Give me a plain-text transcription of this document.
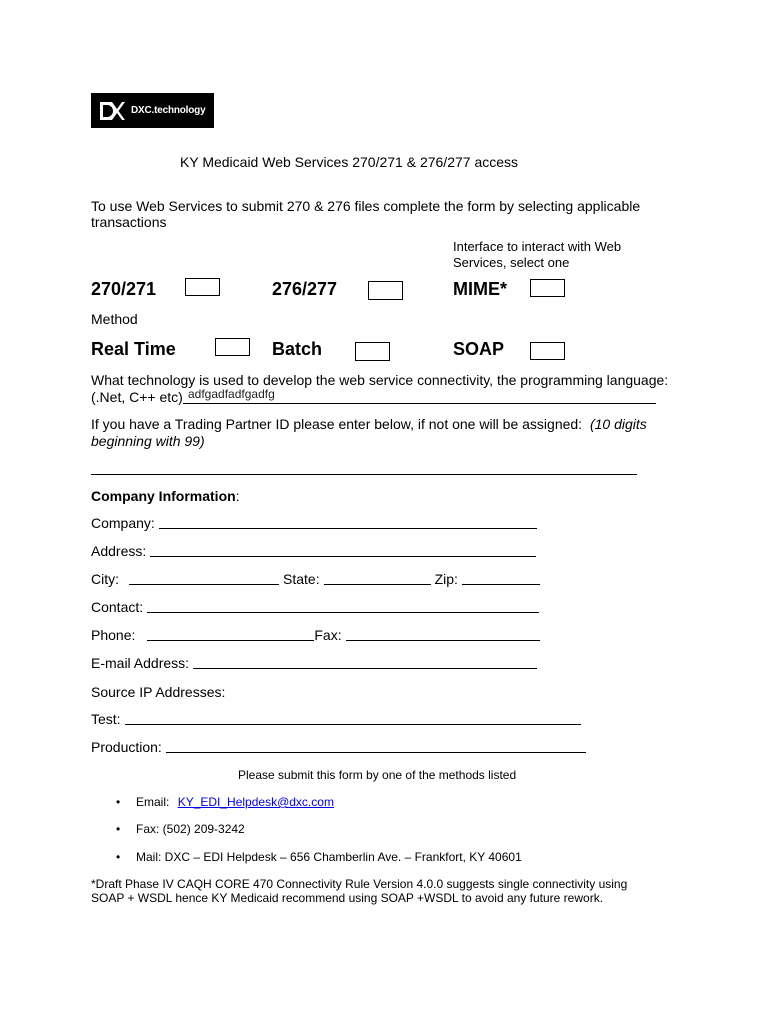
DXC.technology
KY Medicaid Web Services 270/271 & 276/277 access
To use Web Services to submit 270 & 276 files complete the form by selecting applicable
transactions
Interface to interact with Web
Services, select one
270/271	276/277	MIME*
Method
Real Time	Batch	SOAP
What technology is used to develop the web service connectivity, the programming language:
(.Net, C++ etc) adfgadfadfgadfg
If you have a Trading Partner ID please enter below, if not one will be assigned: (10 digits
beginning with 99)
Company Information:
Company:
Address:
City:	State:	Zip:
Contact:
Phone:	Fax:
E-mail Address:
Source IP Addresses:
Test:
Production:
Please submit this form by one of the methods listed
• Email: KY_EDI_Helpdesk@dxc.com
• Fax: (502) 209-3242
• Mail: DXC – EDI Helpdesk – 656 Chamberlin Ave. – Frankfort, KY 40601
*Draft Phase IV CAQH CORE 470 Connectivity Rule Version 4.0.0 suggests single connectivity using
SOAP + WSDL hence KY Medicaid recommend using SOAP +WSDL to avoid any future rework.
